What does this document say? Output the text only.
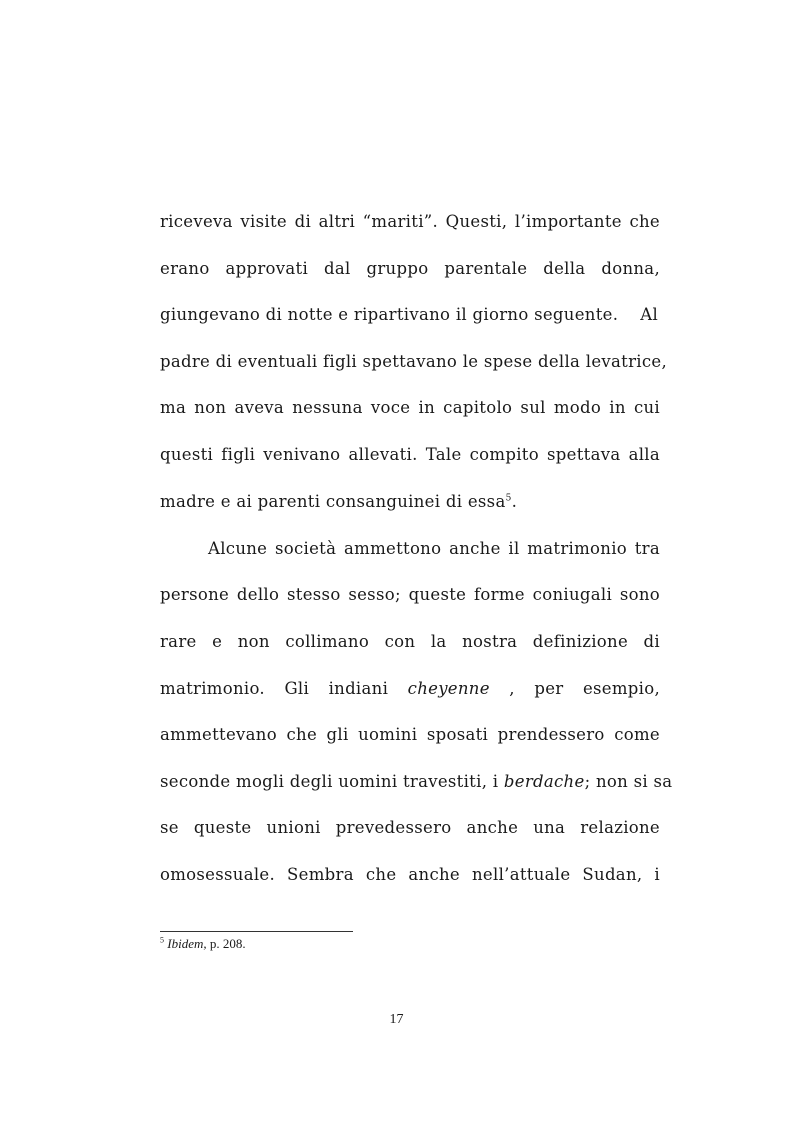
riceveva visite di altri “mariti”. Questi, l’importante che
erano approvati dal gruppo parentale della donna,
giungevano di notte e ripartivano il giorno seguente. Al
padre di eventuali figli spettavano le spese della levatrice,
ma non aveva nessuna voce in capitolo sul modo in cui
questi figli venivano allevati. Tale compito spettava alla
madre e ai parenti consanguinei di essa$^5$.
Alcune società ammettono anche il matrimonio tra
persone dello stesso sesso; queste forme coniugali sono
rare e non collimano con la nostra definizione di
matrimonio. Gli indiani cheyenne , per esempio,
ammettevano che gli uomini sposati prendessero come
seconde mogli degli uomini travestiti, i berdache; non si sa
se queste unioni prevedessero anche una relazione
omosessuale. Sembra che anche nell’attuale Sudan, i
$^5$ Ibidem, p. 208.
17
